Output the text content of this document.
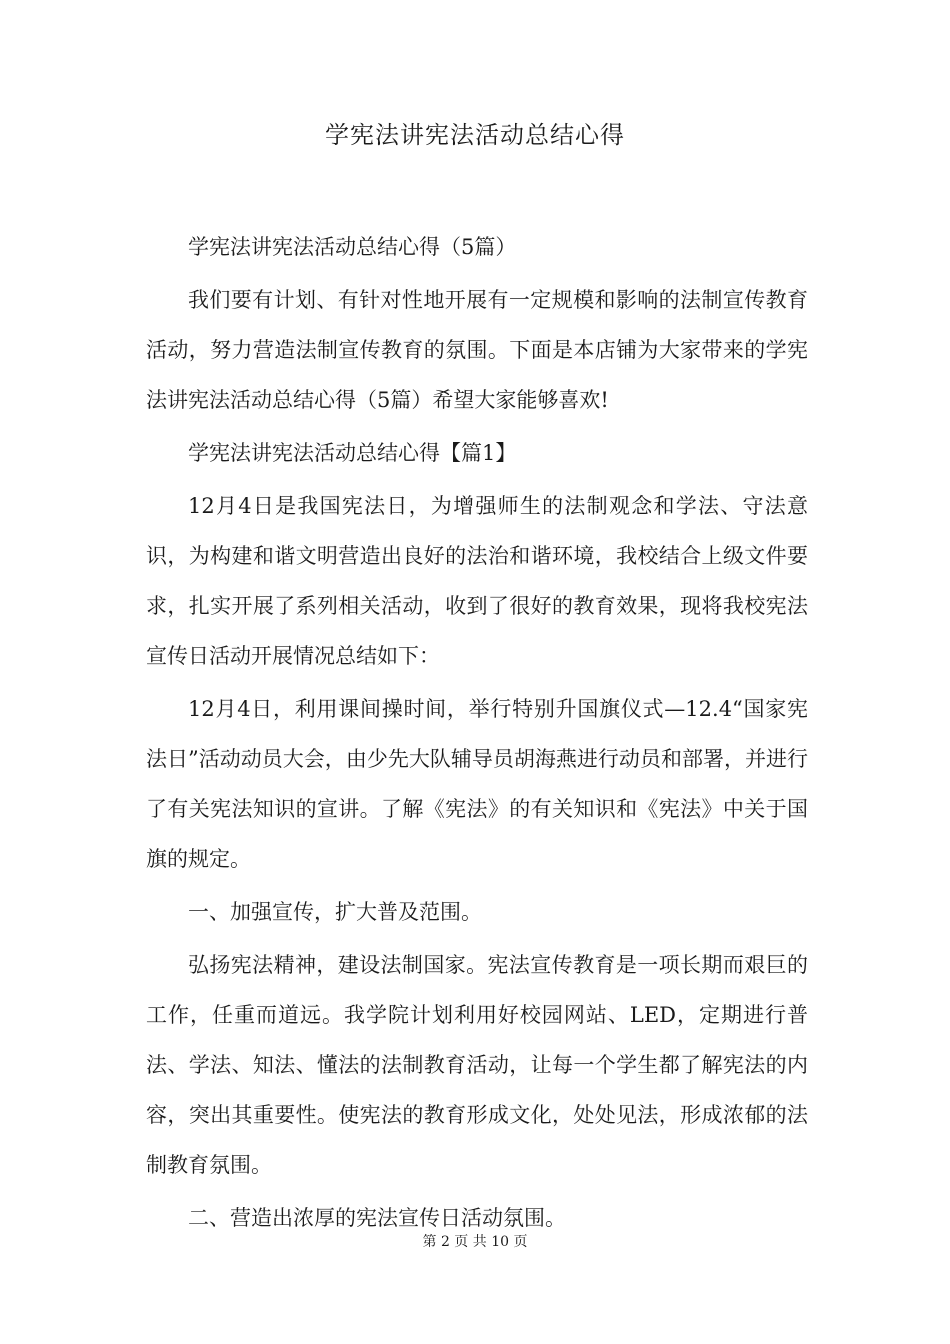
学宪法讲宪法活动总结心得

学宪法讲宪法活动总结心得（5篇）

我们要有计划、有针对性地开展有一定规模和影响的法制宣传教育活动，努力营造法制宣传教育的氛围。下面是本店铺为大家带来的学宪法讲宪法活动总结心得（5篇）希望大家能够喜欢!

学宪法讲宪法活动总结心得【篇1】

12月4日是我国宪法日，为增强师生的法制观念和学法、守法意识，为构建和谐文明营造出良好的法治和谐环境，我校结合上级文件要求，扎实开展了系列相关活动，收到了很好的教育效果，现将我校宪法宣传日活动开展情况总结如下：

12月4日，利用课间操时间，举行特别升国旗仪式—12.4“国家宪法日”活动动员大会，由少先大队辅导员胡海燕进行动员和部署，并进行了有关宪法知识的宣讲。了解《宪法》的有关知识和《宪法》中关于国旗的规定。

一、加强宣传，扩大普及范围。

弘扬宪法精神，建设法制国家。宪法宣传教育是一项长期而艰巨的工作，任重而道远。我学院计划利用好校园网站、LED，定期进行普法、学法、知法、懂法的法制教育活动，让每一个学生都了解宪法的内容，突出其重要性。使宪法的教育形成文化，处处见法，形成浓郁的法制教育氛围。

二、营造出浓厚的宪法宣传日活动氛围。

第 2 页 共 10 页
